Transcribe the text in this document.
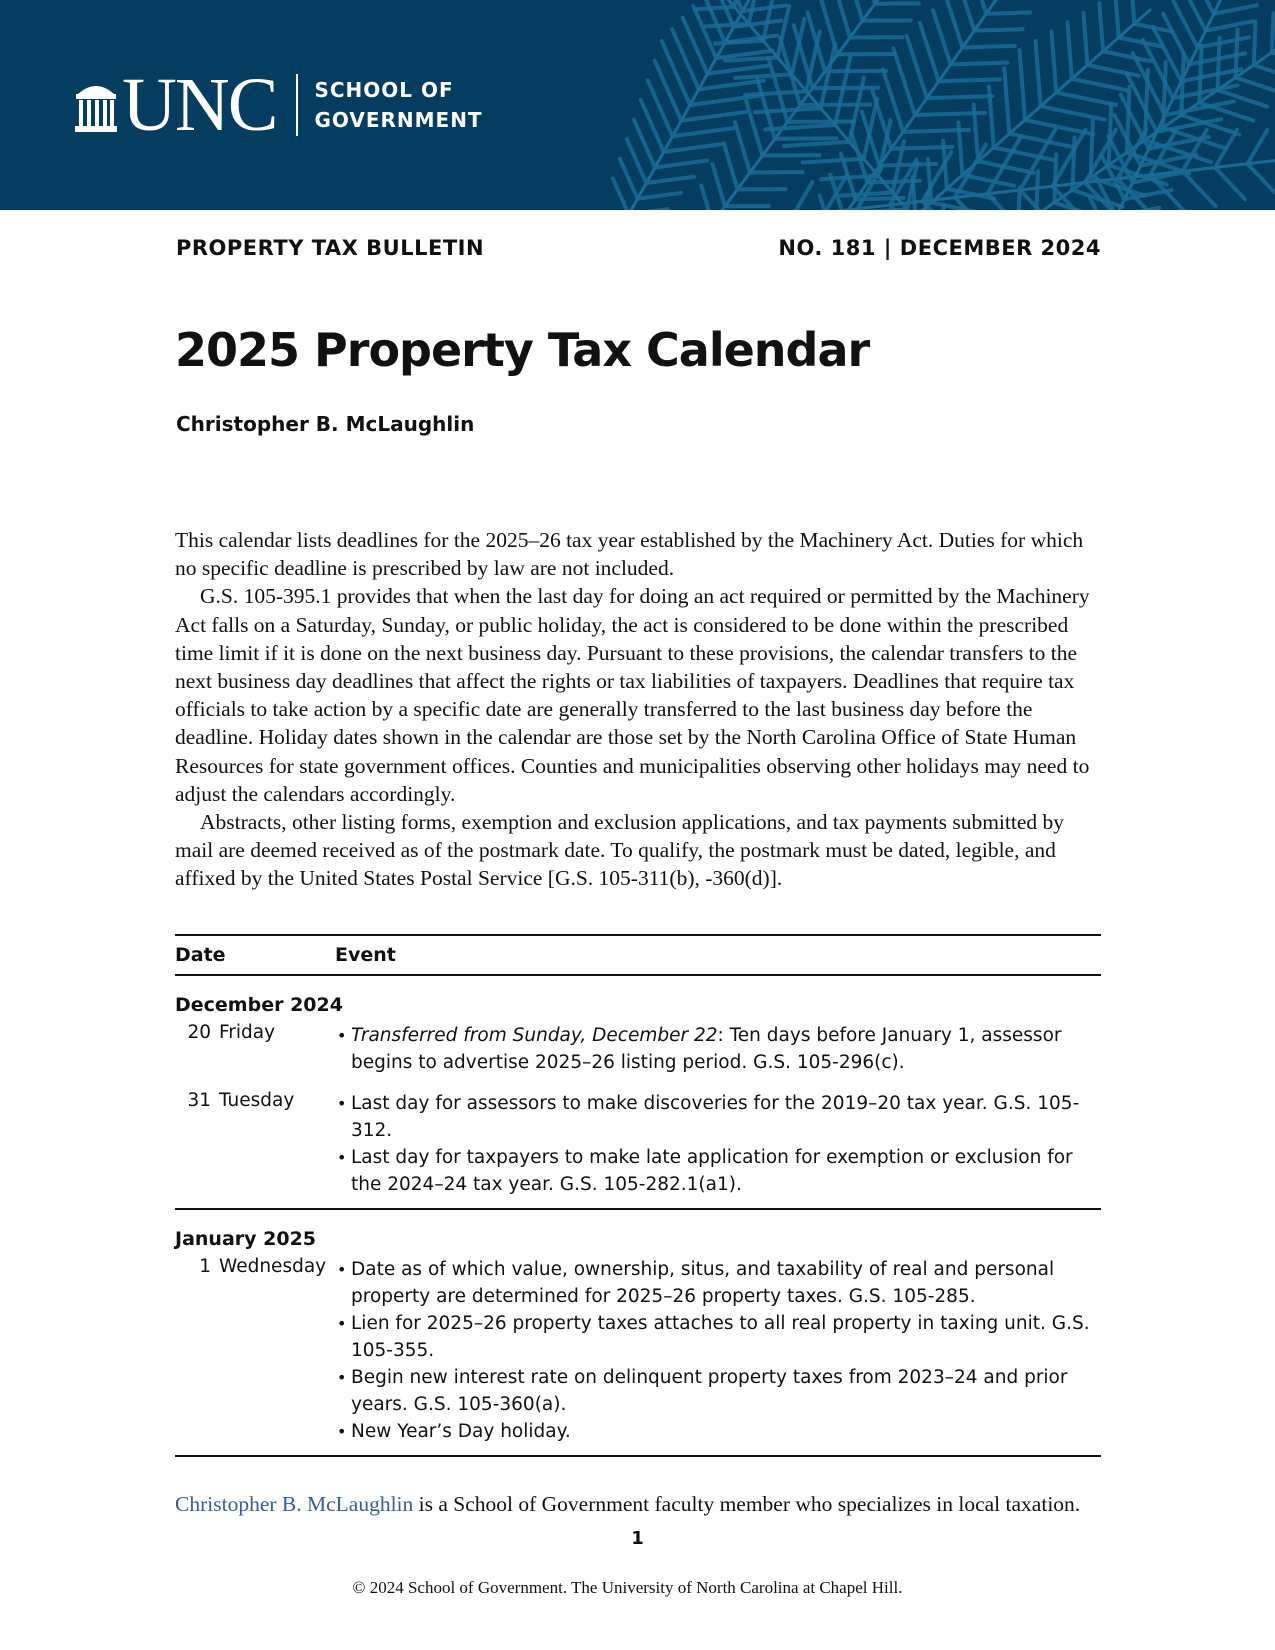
UNC SCHOOL OF
GOVERNMENT
PROPERTY TAX BULLETIN	NO. 181 | DECEMBER 2024
2025 Property Tax Calendar
Christopher B. McLaughlin

This calendar lists deadlines for the 2025–26 tax year established by the Machinery Act. Duties for which no specific deadline is prescribed by law are not included.

G.S. 105-395.1 provides that when the last day for doing an act required or permitted by the Machinery Act falls on a Saturday, Sunday, or public holiday, the act is considered to be done within the prescribed time limit if it is done on the next business day. Pursuant to these provisions, the calendar transfers to the next business day deadlines that affect the rights or tax liabilities of taxpayers. Deadlines that require tax officials to take action by a specific date are generally transferred to the last business day before the deadline. Holiday dates shown in the calendar are those set by the North Carolina Office of State Human Resources for state government offices. Counties and municipalities observing other holidays may need to adjust the calendars accordingly.

Abstracts, other listing forms, exemption and exclusion applications, and tax payments submitted by mail are deemed received as of the postmark date. To qualify, the postmark must be dated, legible, and affixed by the United States Postal Service [G.S. 105-311(b), -360(d)].

Date	Event
December 2024
20 Friday	• Transferred from Sunday, December 22: Ten days before January 1, assessor begins to advertise 2025–26 listing period. G.S. 105-296(c).
31 Tuesday	• Last day for assessors to make discoveries for the 2019–20 tax year. G.S. 105-312.
• Last day for taxpayers to make late application for exemption or exclusion for the 2024–24 tax year. G.S. 105-282.1(a1).
January 2025
1 Wednesday	• Date as of which value, ownership, situs, and taxability of real and personal property are determined for 2025–26 property taxes. G.S. 105-285.
• Lien for 2025–26 property taxes attaches to all real property in taxing unit. G.S. 105-355.
• Begin new interest rate on delinquent property taxes from 2023–24 and prior years. G.S. 105-360(a).
• New Year’s Day holiday.
Christopher B. McLaughlin is a School of Government faculty member who specializes in local taxation.
1
© 2024 School of Government. The University of North Carolina at Chapel Hill.
